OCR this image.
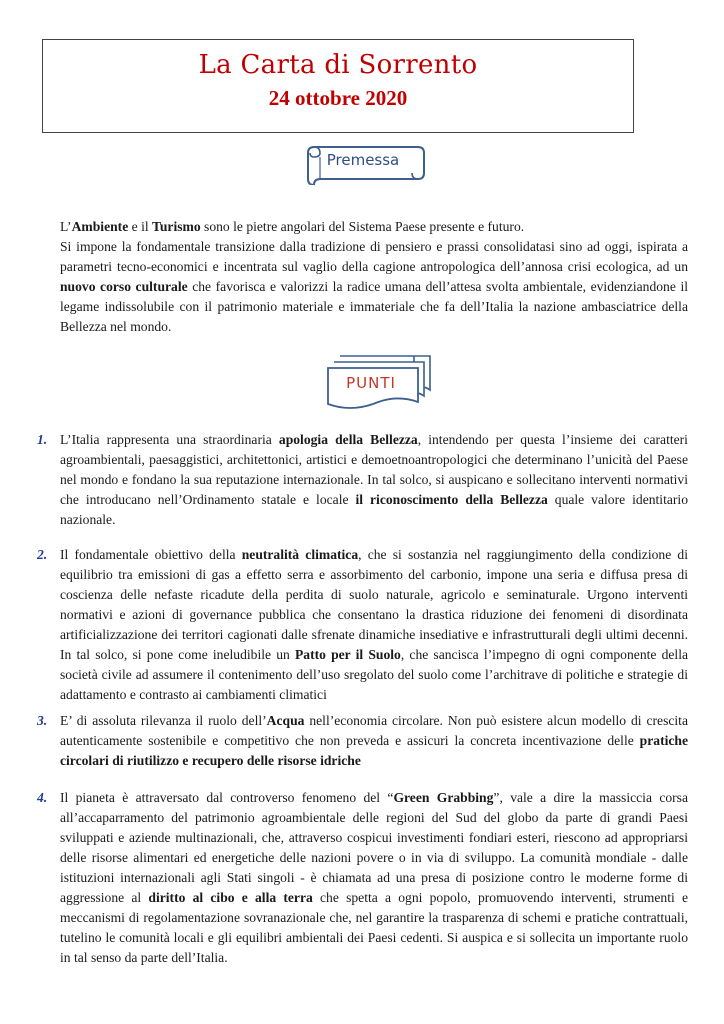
La Carta di Sorrento
24 ottobre 2020
Premessa

L’Ambiente e il Turismo sono le pietre angolari del Sistema Paese presente e futuro.

Si impone la fondamentale transizione dalla tradizione di pensiero e prassi consolidatasi sino ad oggi, ispirata a parametri tecno-economici e incentrata sul vaglio della cagione antropologica dell’annosa crisi ecologica, ad un nuovo corso culturale che favorisca e valorizzi la radice umana dell’attesa svolta ambientale, evidenziandone il legame indissolubile con il patrimonio materiale e immateriale che fa dell’Italia la nazione ambasciatrice della Bellezza nel mondo.

PUNTI
1. L’Italia rappresenta una straordinaria apologia della Bellezza, intendendo per questa l’insieme dei caratteri agroambientali, paesaggistici, architettonici, artistici e demoetnoantropologici che determinano l’unicità del Paese nel mondo e fondano la sua reputazione internazionale. In tal solco, si auspicano e sollecitano interventi normativi che introducano nell’Ordinamento statale e locale il riconoscimento della Bellezza quale valore identitario nazionale.
2. Il fondamentale obiettivo della neutralità climatica, che si sostanzia nel raggiungimento della condizione di equilibrio tra emissioni di gas a effetto serra e assorbimento del carbonio, impone una seria e diffusa presa di coscienza delle nefaste ricadute della perdita di suolo naturale, agricolo e seminaturale. Urgono interventi normativi e azioni di governance pubblica che consentano la drastica riduzione dei fenomeni di disordinata artificializzazione dei territori cagionati dalle sfrenate dinamiche insediative e infrastrutturali degli ultimi decenni. In tal solco, si pone come ineludibile un Patto per il Suolo, che sancisca l’impegno di ogni componente della società civile ad assumere il contenimento dell’uso sregolato del suolo come l’architrave di politiche e strategie di adattamento e contrasto ai cambiamenti climatici
3. E’ di assoluta rilevanza il ruolo dell’Acqua nell’economia circolare. Non può esistere alcun modello di crescita autenticamente sostenibile e competitivo che non preveda e assicuri la concreta incentivazione delle pratiche circolari di riutilizzo e recupero delle risorse idriche
4. Il pianeta è attraversato dal controverso fenomeno del “Green Grabbing”, vale a dire la massiccia corsa all’accaparramento del patrimonio agroambientale delle regioni del Sud del globo da parte di grandi Paesi sviluppati e aziende multinazionali, che, attraverso cospicui investimenti fondiari esteri, riescono ad appropriarsi delle risorse alimentari ed energetiche delle nazioni povere o in via di sviluppo. La comunità mondiale - dalle istituzioni internazionali agli Stati singoli - è chiamata ad una presa di posizione contro le moderne forme di aggressione al diritto al cibo e alla terra che spetta a ogni popolo, promuovendo interventi, strumenti e meccanismi di regolamentazione sovranazionale che, nel garantire la trasparenza di schemi e pratiche contrattuali, tutelino le comunità locali e gli equilibri ambientali dei Paesi cedenti. Si auspica e si sollecita un importante ruolo in tal senso da parte dell’Italia.
